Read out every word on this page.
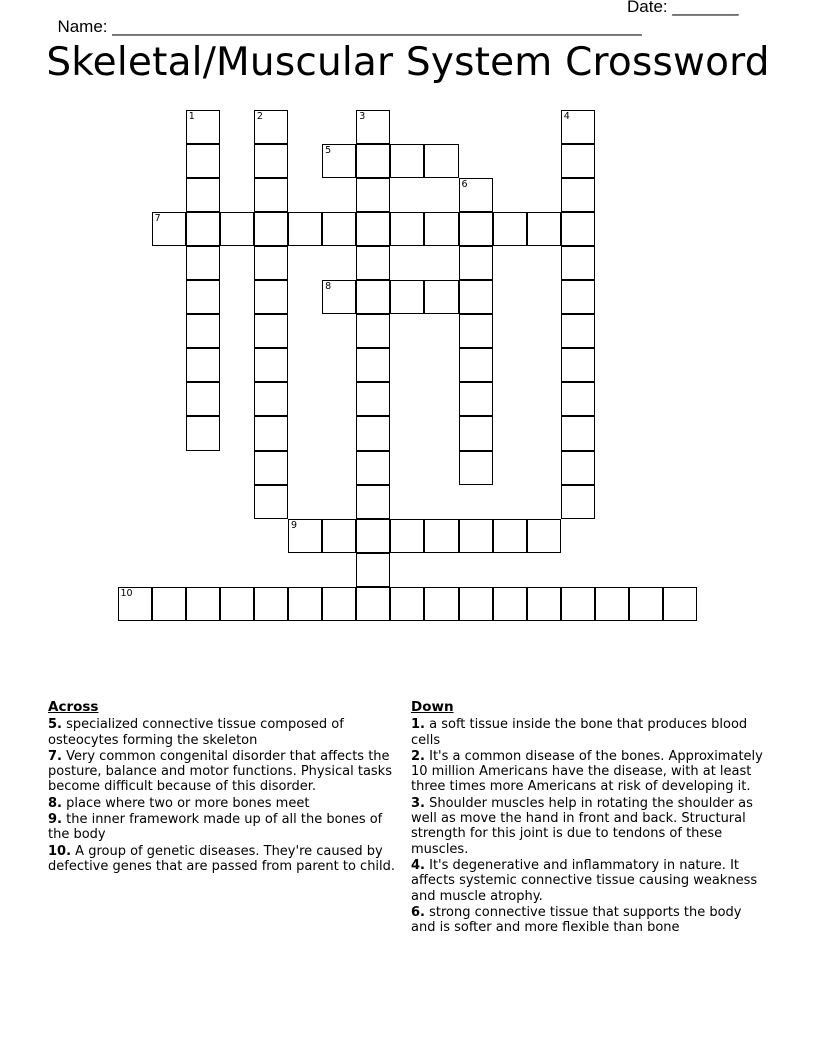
Name: ________________________________________________________

Date: _______

Skeletal/Muscular System Crossword
1	2	3	4
5
6
7
8
9
10
Across
5. specialized connective tissue composed of osteocytes forming the skeleton
7. Very common congenital disorder that affects the posture, balance and motor functions. Physical tasks become difficult because of this disorder.
8. place where two or more bones meet
9. the inner framework made up of all the bones of the body
10. A group of genetic diseases. They're caused by defective genes that are passed from parent to child.
Down
1. a soft tissue inside the bone that produces blood cells
2. It's a common disease of the bones. Approximately 10 million Americans have the disease, with at least three times more Americans at risk of developing it.
3. Shoulder muscles help in rotating the shoulder as well as move the hand in front and back. Structural strength for this joint is due to tendons of these muscles.
4. It's degenerative and inflammatory in nature. It affects systemic connective tissue causing weakness and muscle atrophy.
6. strong connective tissue that supports the body and is softer and more flexible than bone
